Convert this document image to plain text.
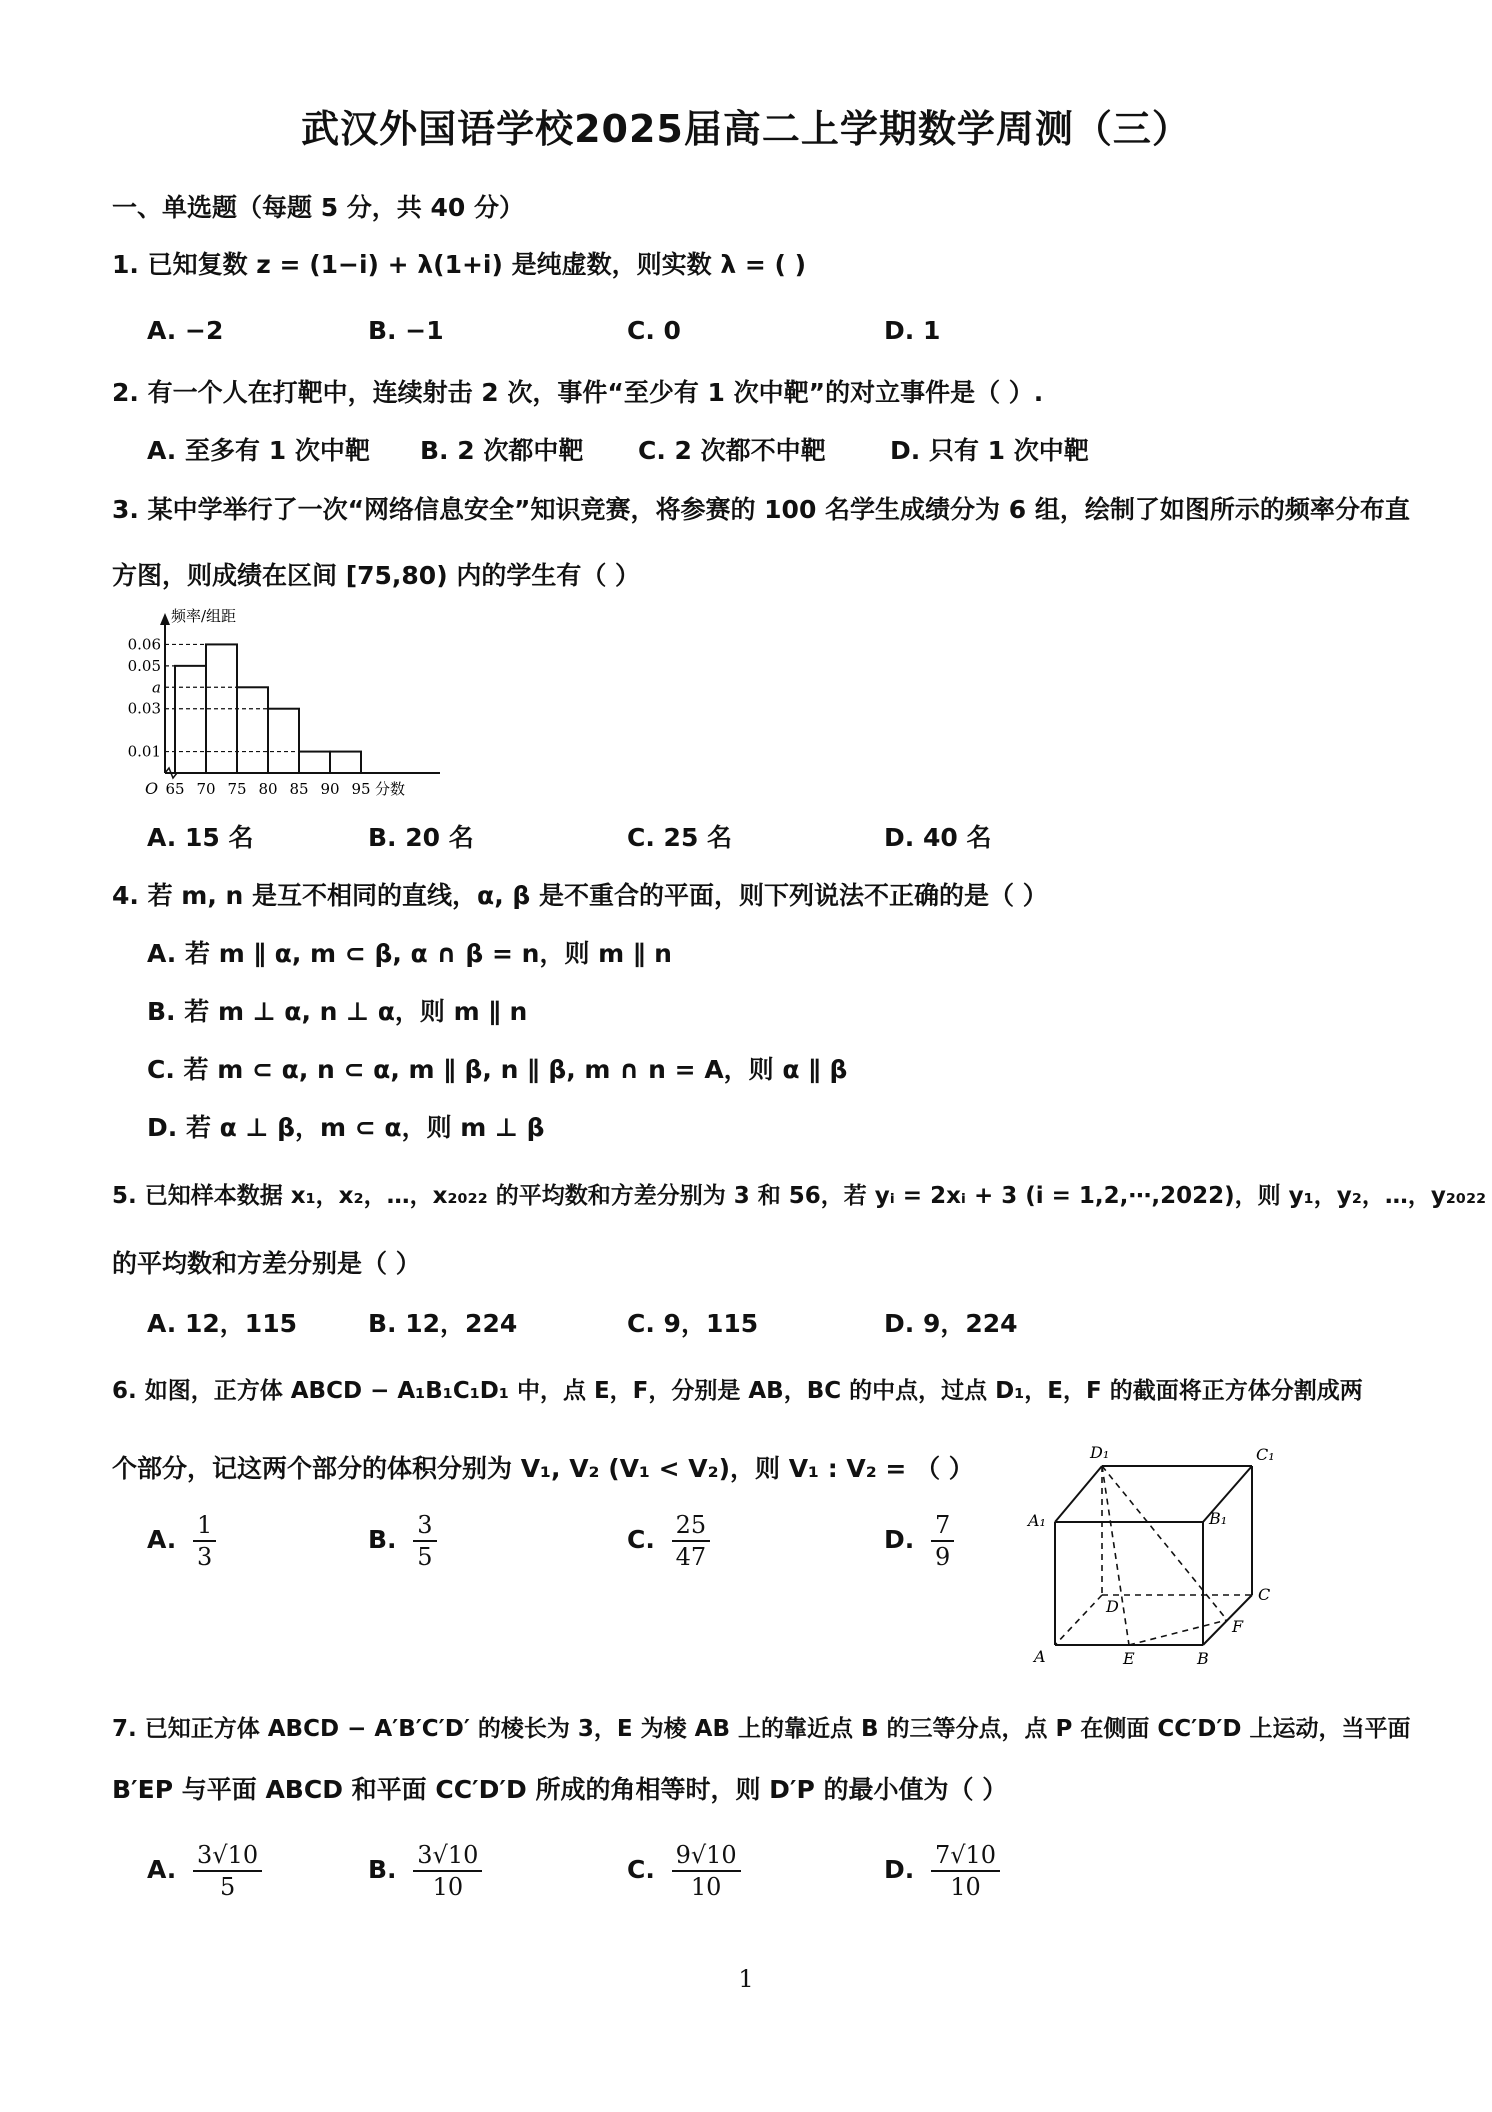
武汉外国语学校2025届高二上学期数学周测（三）
一、单选题（每题 5 分，共 40 分）
1. 已知复数 z = (1−i) + λ(1+i) 是纯虚数，则实数 λ = ( )
A. −2	B. −1	C. 0	D. 1
2. 有一个人在打靶中，连续射击 2 次，事件“至少有 1 次中靶”的对立事件是（ ）.
A. 至多有 1 次中靶 B. 2 次都中靶 C. 2 次都不中靶	D. 只有 1 次中靶
3. 某中学举行了一次“网络信息安全”知识竞赛，将参赛的 100 名学生成绩分为 6 组，绘制了如图所示的频率分布直
方图，则成绩在区间 [75,80) 内的学生有（ ）
0.06
0.05
a
0.03
0.01
65 70 75 80 85 90 95
O
频率/组距
分数
A. 15 名	B. 20 名	C. 25 名	D. 40 名
4. 若 m, n 是互不相同的直线，α, β 是不重合的平面，则下列说法不正确的是（ ）
A. 若 m ∥ α, m ⊂ β, α ∩ β = n，则 m ∥ n
B. 若 m ⊥ α, n ⊥ α，则 m ∥ n
C. 若 m ⊂ α, n ⊂ α, m ∥ β, n ∥ β, m ∩ n = A，则 α ∥ β
D. 若 α ⊥ β，m ⊂ α，则 m ⊥ β
5. 已知样本数据 x₁，x₂，…，x₂₀₂₂ 的平均数和方差分别为 3 和 56，若 yᵢ = 2xᵢ + 3 (i = 1,2,⋯,2022)，则 y₁，y₂，…，y₂₀₂₂
的平均数和方差分别是（ ）
A. 12，115	B. 12，224	C. 9，115	D. 9，224
6. 如图，正方体 ABCD − A₁B₁C₁D₁ 中，点 E，F，分别是 AB，BC 的中点，过点 D₁，E，F 的截面将正方体分割成两
个部分，记这两个部分的体积分别为 V₁, V₂ (V₁ < V₂)，则 V₁ : V₂ = （ ）
A. $\frac{1}{3}$	B. $\frac{3}{5}$	C. $\frac{25}{47}$	D. $\frac{7}{9}$
D₁	C₁
A₁	B₁
D
C
A	E	B
F
7. 已知正方体 ABCD − A′B′C′D′ 的棱长为 3，E 为棱 AB 上的靠近点 B 的三等分点，点 P 在侧面 CC′D′D 上运动，当平面
B′EP 与平面 ABCD 和平面 CC′D′D 所成的角相等时，则 D′P 的最小值为（ ）
A. $\frac{3√10}{5}$	B. $\frac{3√10}{10}$	C. $\frac{9√10}{10}$	D. $\frac{7√10}{10}$
1
